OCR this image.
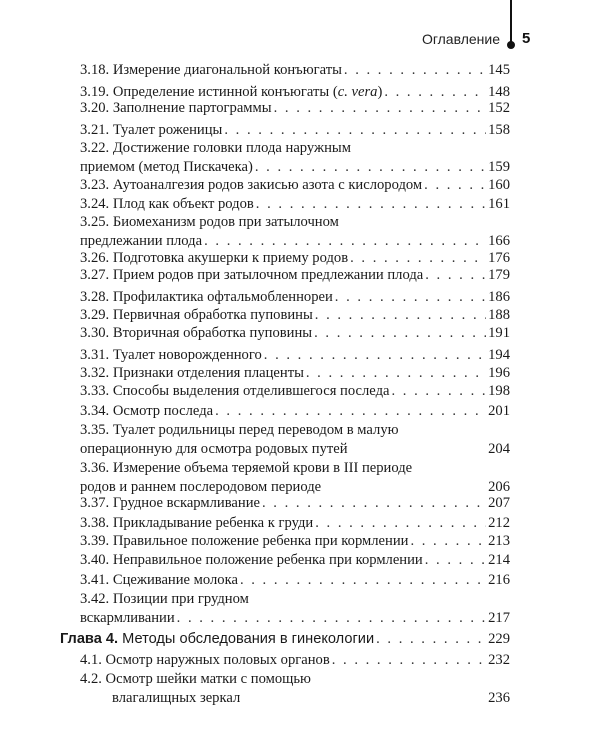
Оглавление 5
3.18. Измерение диагональной конъюгаты . . .	145
3.19. Определение истинной конъюгаты (c. vera) . . .	148
3.20. Заполнение партограммы . . .	152
3.21. Туалет роженицы . . .	158
3.22. Достижение головки плода наружным
приемом (метод Пискачека) . . .	159
3.23. Аутоаналгезия родов закисью азота с кислородом . . .	160
3.24. Плод как объект родов . . .	161
3.25. Биомеханизм родов при затылочном
предлежании плода . . .	166
3.26. Подготовка акушерки к приему родов . . .	176
3.27. Прием родов при затылочном предлежании плода . . .	179
3.28. Профилактика офтальмобленнореи . . .	186
3.29. Первичная обработка пуповины . . .	188
3.30. Вторичная обработка пуповины . . .	191
3.31. Туалет новорожденного . . .	194
3.32. Признаки отделения плаценты . . .	196
3.33. Способы выделения отделившегося последа . . .	198
3.34. Осмотр последа . . .	201
3.35. Туалет родильницы перед переводом в малую
операционную для осмотра родовых путей	204
3.36. Измерение объема теряемой крови в III периоде
родов и раннем послеродовом периоде	206
3.37. Грудное вскармливание . . .	207
3.38. Прикладывание ребенка к груди . . .	212
3.39. Правильное положение ребенка при кормлении . . .	213
3.40. Неправильное положение ребенка при кормлении . . .	214
3.41. Сцеживание молока . . .	216
3.42. Позиции при грудном
вскармливании . . .	217
Глава 4. Методы обследования в гинекологии . . .	229
4.1. Осмотр наружных половых органов . . .	232
4.2. Осмотр шейки матки с помощью
влагалищных зеркал	236
